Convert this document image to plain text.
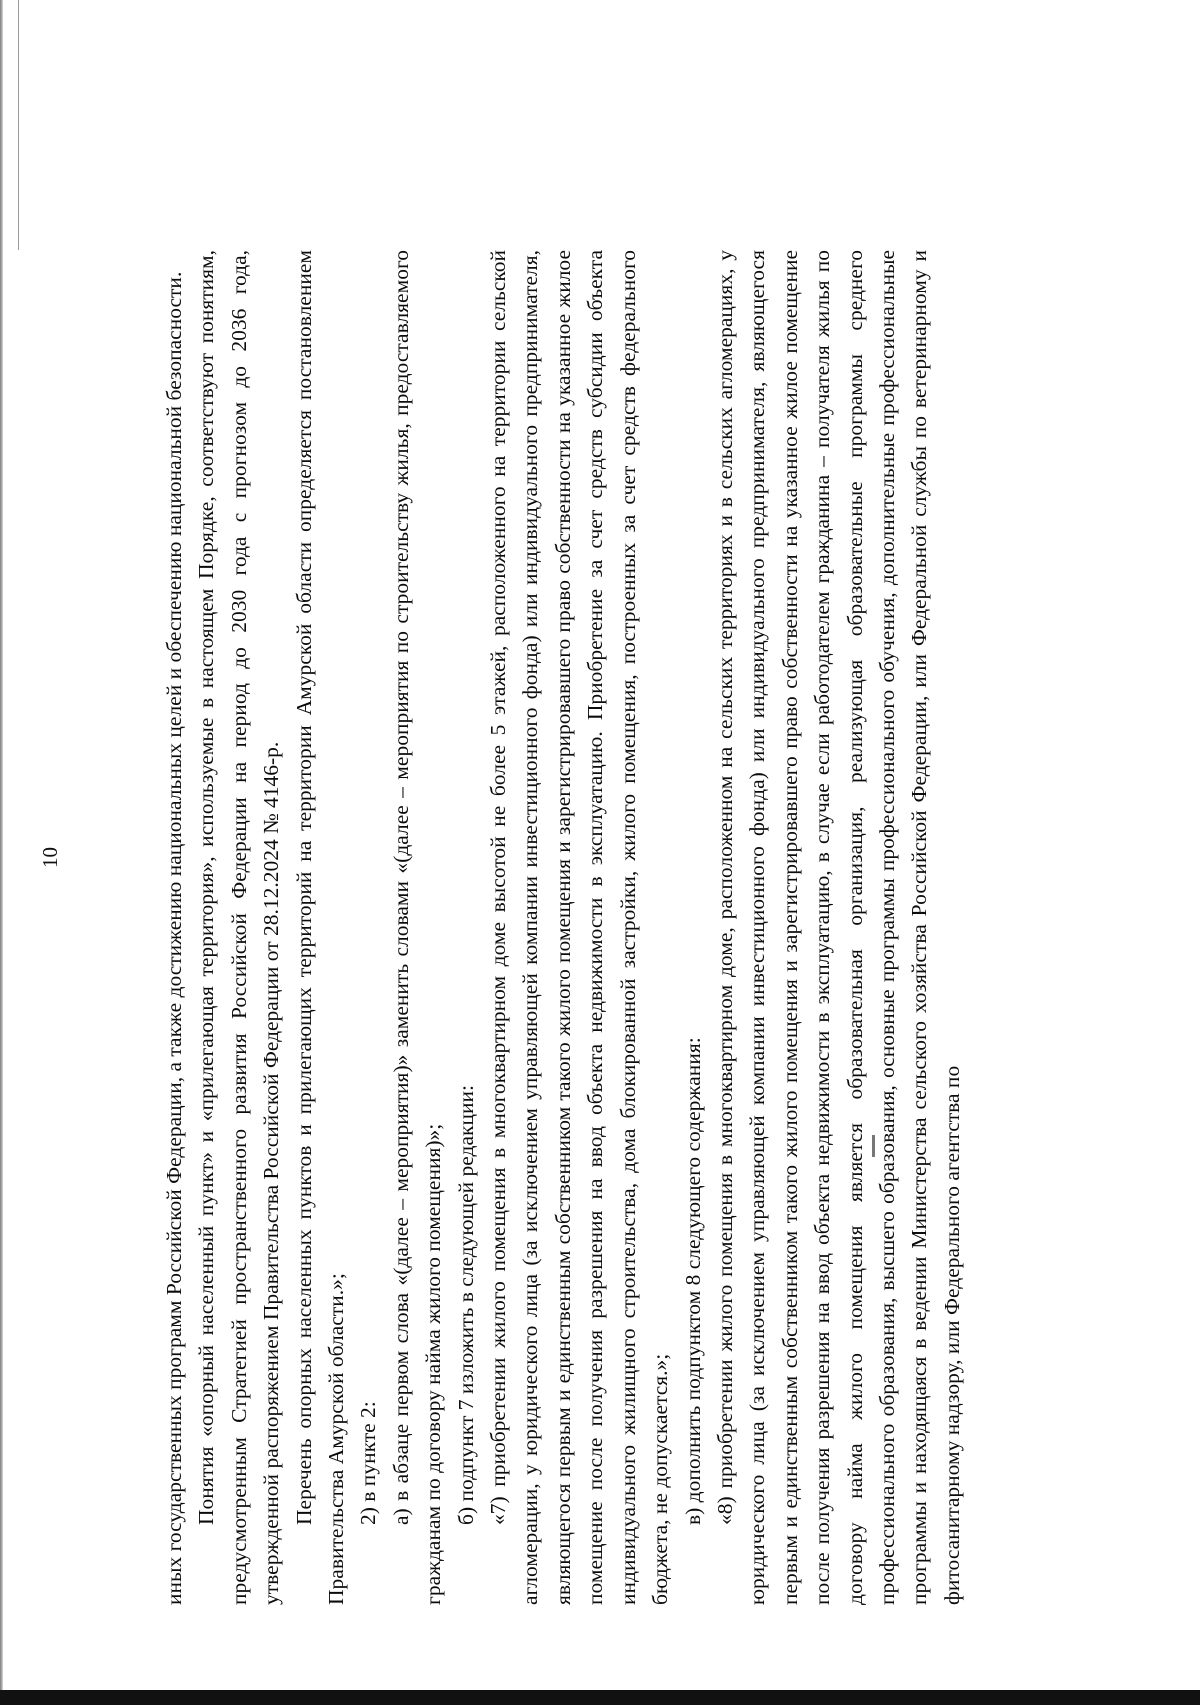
10	иных государственных программ Российской Федерации, а также достижению национальных целей и обеспечению национальной безопасности. Понятия «опорный населенный пункт» и «прилегающая территория», используемые в настоящем Порядке, соответствуют понятиям, предусмотренным Стратегией пространственного развития Российской Федерации на период до 2030 года с прогнозом до 2036 года, утвержденной распоряжением Правительства Российской Федерации от 28.12.2024 № 4146-р. Перечень опорных населенных пунктов и прилегающих территорий на территории Амурской области определяется постановлением Правительства Амурской области.»; 2) в пункте 2: а) в абзаце первом слова «(далее – мероприятия)» заменить словами «(далее – мероприятия по строительству жилья, предоставляемого гражданам по договору найма жилого помещения)»; б) подпункт 7 изложить в следующей редакции: «7) приобретении жилого помещения в многоквартирном доме высотой не более 5 этажей, расположенного на территории сельской агломерации, у юридического лица (за исключением управляющей компании инвестиционного фонда) или индивидуального предпринимателя, являющегося первым и единственным собственником такого жилого помещения и зарегистрировавшего право собственности на указанное жилое помещение после получения разрешения на ввод объекта недвижимости в эксплуатацию. Приобретение за счет средств субсидии объекта индивидуального жилищного строительства, дома блокированной застройки, жилого помещения, построенных за счет средств федерального бюджета, не допускается.»; в) дополнить подпунктом 8 следующего содержания: «8) приобретении жилого помещения в многоквартирном доме, расположенном на сельских территориях и в сельских агломерациях, у юридического лица (за исключением управляющей компании инвестиционного фонда) или индивидуального предпринимателя, являющегося первым и единственным собственником такого жилого помещения и зарегистрировавшего право собственности на указанное жилое помещение после получения разрешения на ввод объекта недвижимости в эксплуатацию, в случае если работодателем гражданина – получателя жилья по договору найма жилого помещения является образовательная организация, реализующая образовательные программы среднего профессионального образования, высшего образования, основные программы профессионального обучения, дополнительные профессиональные программы и находящаяся в ведении Министерства сельского хозяйства Российской Федерации, или Федеральной службы по ветеринарному и фитосанитарному надзору, или Федерального агентства по
